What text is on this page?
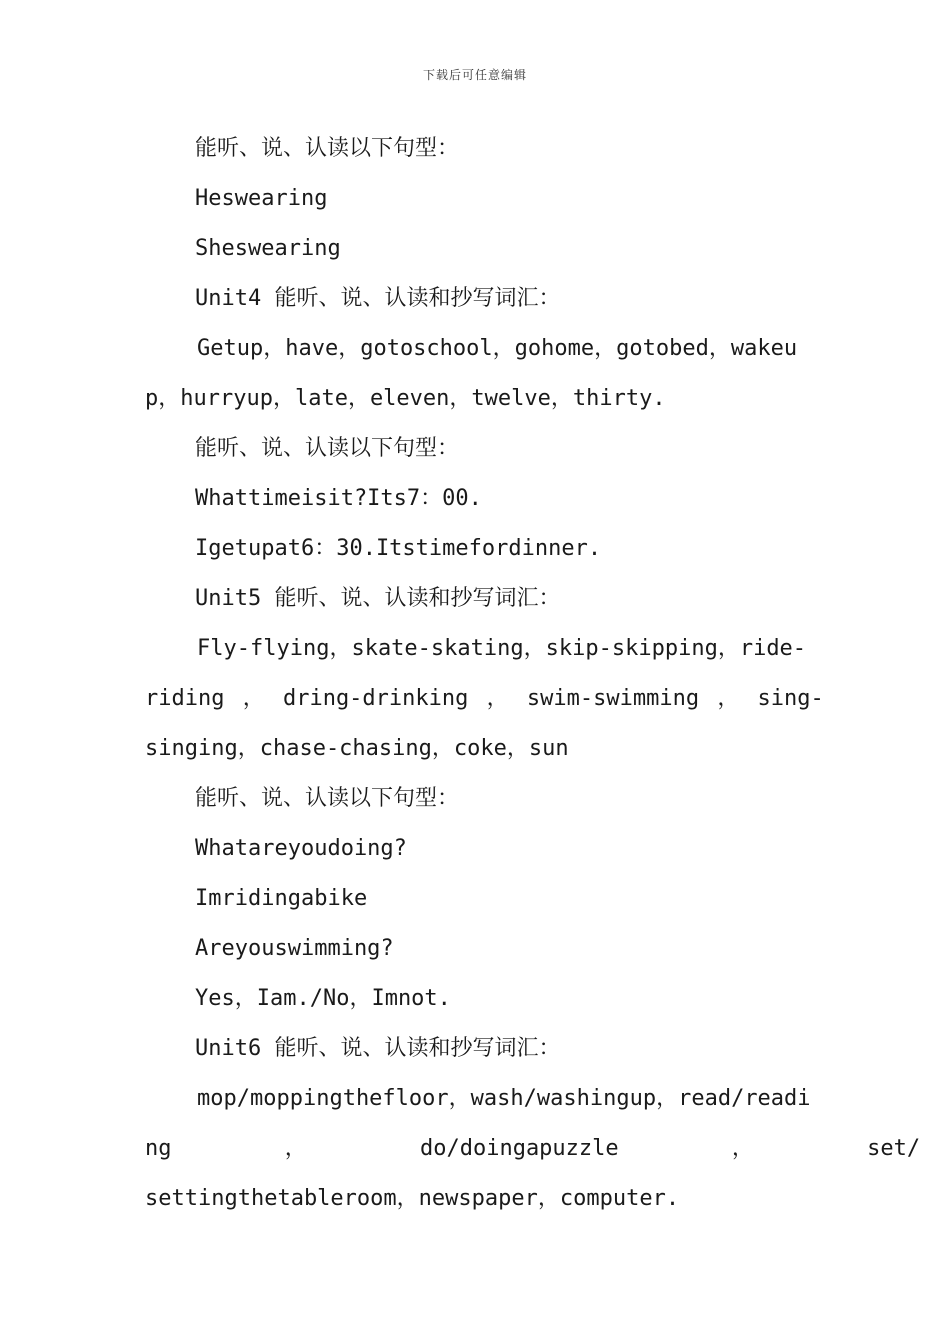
下载后可任意编辑
能听、说、认读以下句型：
Heswearing
Sheswearing
Unit4 能听、说、认读和抄写词汇：
Getup，have，gotoschool，gohome，gotobed，wakeu
p，hurryup，late，eleven，twelve，thirty.
能听、说、认读以下句型：
Whattimeisit?Its7：00.
Igetupat6：30.Itstimefordinner.
Unit5 能听、说、认读和抄写词汇：
Fly-flying，skate-skating，skip-skipping，ride-
riding ， dring-drinking ， swim-swimming ， sing-
singing，chase-chasing，coke，sun
能听、说、认读以下句型：
Whatareyoudoing?
Imridingabike
Areyouswimming?
Yes，Iam./No，Imnot.
Unit6 能听、说、认读和抄写词汇：
mop/moppingthefloor，wash/washingup，read/readi
ng ， do/doingapuzzle ， set/
settingthetableroom，newspaper，computer.
